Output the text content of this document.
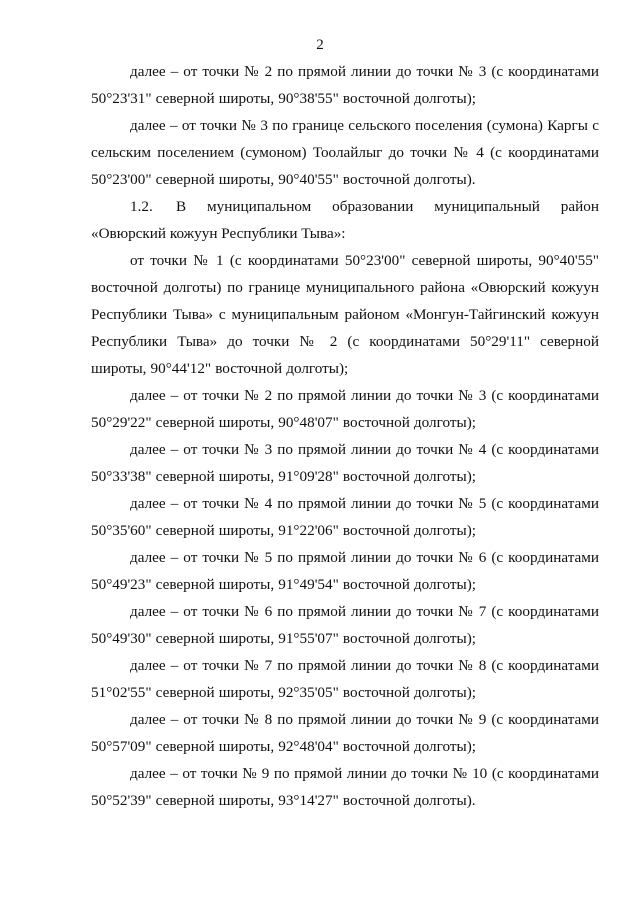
2

далее – от точки № 2 по прямой линии до точки № 3 (с координатами 50°23'31" северной широты, 90°38'55" восточной долготы);

далее – от точки № 3 по границе сельского поселения (сумона) Каргы с сельским поселением (сумоном) Тоолайлыг до точки № 4 (с координатами 50°23'00" северной широты, 90°40'55" восточной долготы).

1.2. В муниципальном образовании муниципальный район «Овюрский кожуун Республики Тыва»:

от точки № 1 (с координатами 50°23'00" северной широты, 90°40'55" восточной долготы) по границе муниципального района «Овюрский кожуун Республики Тыва» с муниципальным районом «Монгун-Тайгинский кожуун Республики Тыва» до точки № 2 (с координатами 50°29'11" северной широты, 90°44'12" восточной долготы);

далее – от точки № 2 по прямой линии до точки № 3 (с координатами 50°29'22" северной широты, 90°48'07" восточной долготы);

далее – от точки № 3 по прямой линии до точки № 4 (с координатами 50°33'38" северной широты, 91°09'28" восточной долготы);

далее – от точки № 4 по прямой линии до точки № 5 (с координатами 50°35'60" северной широты, 91°22'06" восточной долготы);

далее – от точки № 5 по прямой линии до точки № 6 (с координатами 50°49'23" северной широты, 91°49'54" восточной долготы);

далее – от точки № 6 по прямой линии до точки № 7 (с координатами 50°49'30" северной широты, 91°55'07" восточной долготы);

далее – от точки № 7 по прямой линии до точки № 8 (с координатами 51°02'55" северной широты, 92°35'05" восточной долготы);

далее – от точки № 8 по прямой линии до точки № 9 (с координатами 50°57'09" северной широты, 92°48'04" восточной долготы);

далее – от точки № 9 по прямой линии до точки № 10 (с координатами 50°52'39" северной широты, 93°14'27" восточной долготы).
